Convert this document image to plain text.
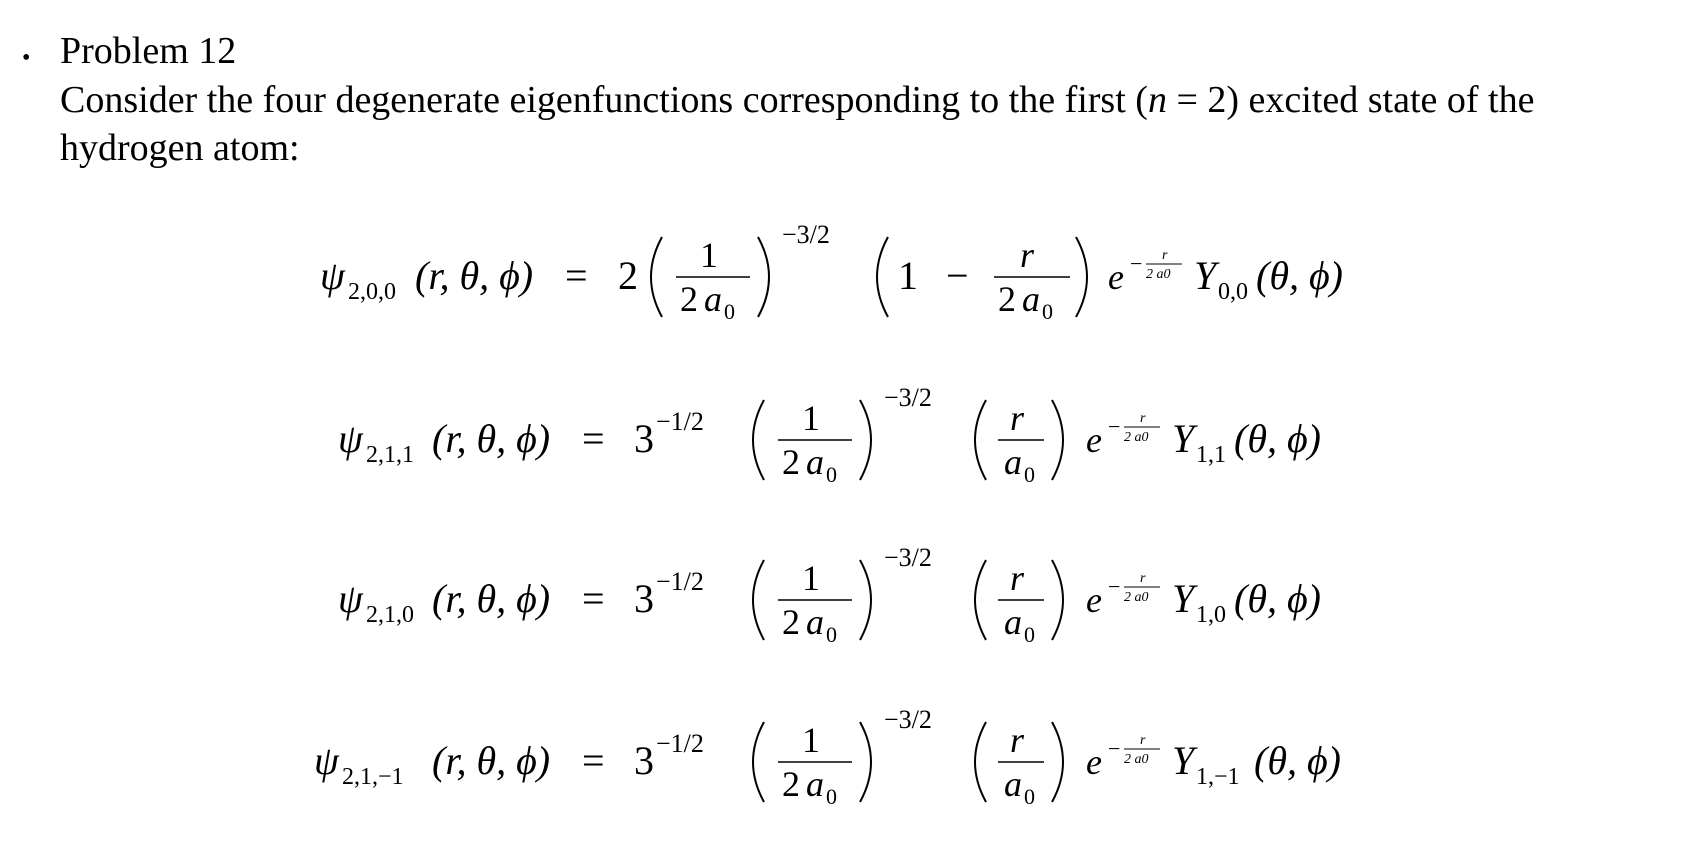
• Problem 12
Consider the four degenerate eigenfunctions corresponding to the first (n = 2) excited state of the hydrogen atom:
ψ 2,0,0 (r, θ, ϕ) = 2 1
2 a 0
−3/2
1 − r
2 a 0
e − r
2 a0 Y 0,0 (θ, ϕ)
ψ 2,1,1 (r, θ, ϕ) = 3 −1/2	1
2 a 0
−3/2
r
a 0
e − r
2 a0 Y 1,1 (θ, ϕ)
ψ 2,1,0 (r, θ, ϕ) = 3 −1/2	1
2 a 0
−3/2
r
a 0
e − r
2 a0 Y 1,0 (θ, ϕ)
ψ 2,1,−1 (r, θ, ϕ) = 3 −1/2	1
2 a 0
−3/2
r
a 0
e − r
2 a0 Y 1,−1 (θ, ϕ)
